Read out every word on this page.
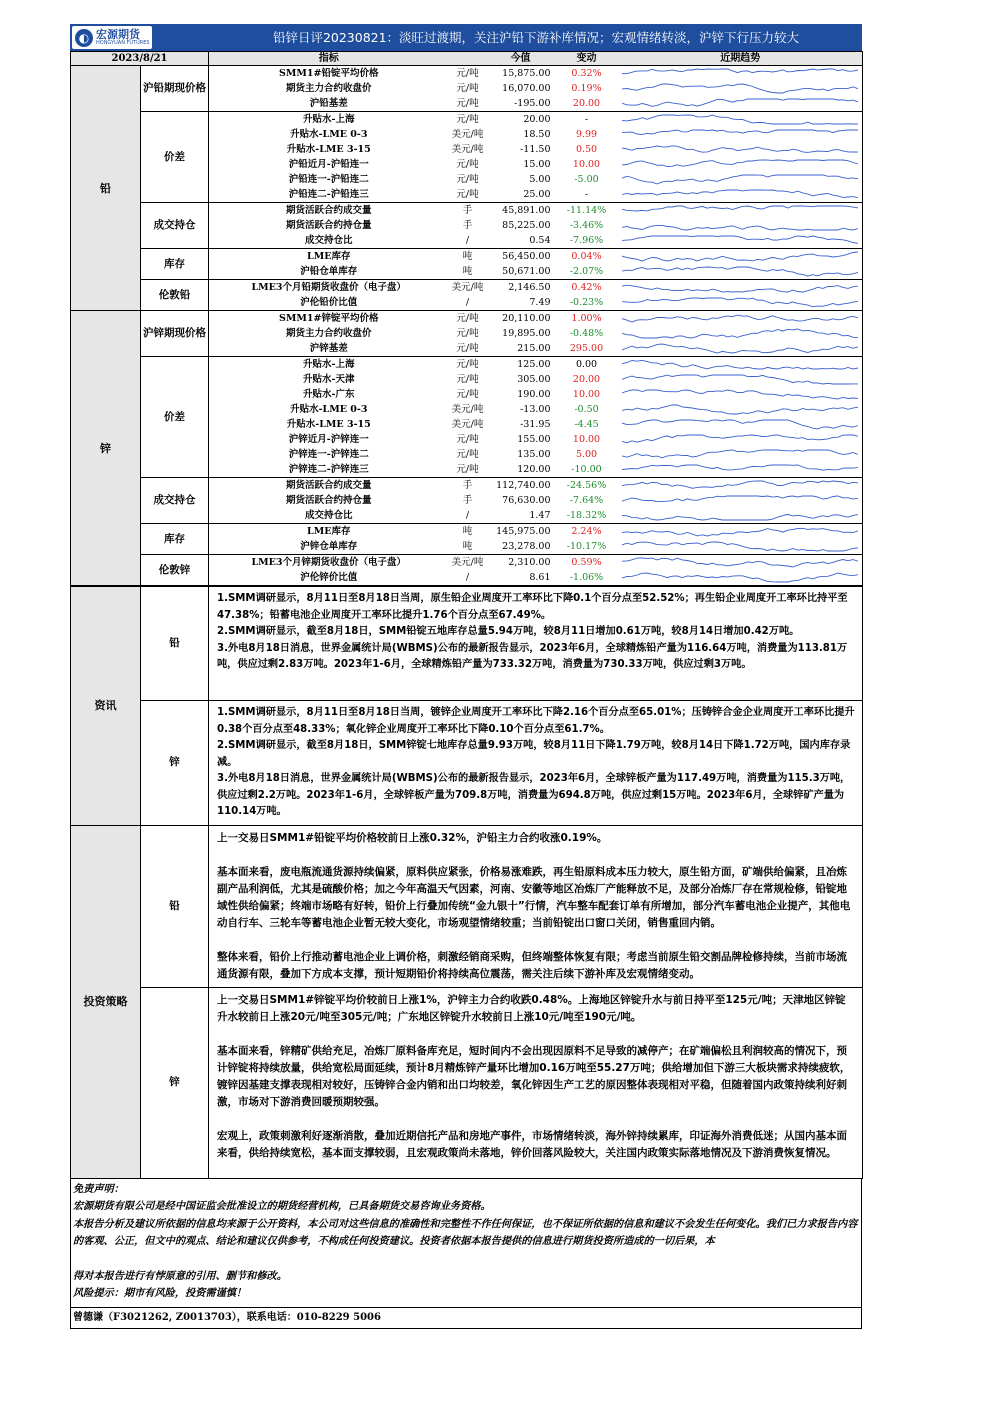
◐ 宏源期货
HONGYUAN FUTURES	铅锌日评20230821：淡旺过渡期，关注沪铅下游补库情况；宏观情绪转淡，沪锌下行压力较大
2023/8/21		指标		今值	变动	近期趋势
铅	沪铅期现价格	SMM1#铅锭平均价格	元/吨	15,875.00	0.32%	

		期货主力合约收盘价	元/吨	16,070.00	0.19%	

		沪铅基差	元/吨	-195.00	20.00	

	价差	升贴水-上海	元/吨	20.00	-	

		升贴水-LME 0-3	美元/吨	18.50	9.99	

		升贴水-LME 3-15	美元/吨	-11.50	0.50	

		沪铅近月-沪铅连一	元/吨	15.00	10.00	

		沪铅连一-沪铅连二	元/吨	5.00	-5.00	

		沪铅连二-沪铅连三	元/吨	25.00	-	

	成交持仓	期货活跃合约成交量	手	45,891.00	-11.14%	

		期货活跃合约持仓量	手	85,225.00	-3.46%	

		成交持仓比	/	0.54	-7.96%	

	库存	LME库存	吨	56,450.00	0.04%	

		沪铅仓单库存	吨	50,671.00	-2.07%	

	伦敦铅	LME3个月铅期货收盘价（电子盘）	美元/吨	2,146.50	0.42%	

		沪伦铅价比值	/	7.49	-0.23%	

锌	沪锌期现价格	SMM1#锌锭平均价格	元/吨	20,110.00	1.00%	

		期货主力合约收盘价	元/吨	19,895.00	-0.48%	

		沪锌基差	元/吨	215.00	295.00	

	价差	升贴水-上海	元/吨	125.00	0.00	

		升贴水-天津	元/吨	305.00	20.00	

		升贴水-广东	元/吨	190.00	10.00	

		升贴水-LME 0-3	美元/吨	-13.00	-0.50	

		升贴水-LME 3-15	美元/吨	-31.95	-4.45	

		沪锌近月-沪锌连一	元/吨	155.00	10.00	

		沪锌连一-沪锌连二	元/吨	135.00	5.00	

		沪锌连二-沪锌连三	元/吨	120.00	-10.00	

	成交持仓	期货活跃合约成交量	手	112,740.00	-24.56%	

		期货活跃合约持仓量	手	76,630.00	-7.64%	

		成交持仓比	/	1.47	-18.32%	

	库存	LME库存	吨	145,975.00	2.24%	

		沪锌仓单库存	吨	23,278.00	-10.17%	

	伦敦锌	LME3个月锌期货收盘价（电子盘）	美元/吨	2,310.00	0.59%	

		沪伦锌价比值	/	8.61	-1.06%	
资讯	铅	1.SMM调研显示，8月11日至8月18日当周，原生铅企业周度开工率环比下降0.1个百分点至52.52%；再生铅企业周度开工率环比持平至47.38%；铅蓄电池企业周度开工率环比提升1.76个百分点至67.49%。

2.SMM调研显示，截至8月18日，SMM铅锭五地库存总量5.94万吨，较8月11日增加0.61万吨，较8月14日增加0.42万吨。

3.外电8月18日消息，世界金属统计局(WBMS)公布的最新报告显示，2023年6月，全球精炼铅产量为116.64万吨，消费量为113.81万吨，供应过剩2.83万吨。2023年1-6月，全球精炼铅产量为733.32万吨，消费量为730.33万吨，供应过剩3万吨。

	锌	1.SMM调研显示，8月11日至8月18日当周，镀锌企业周度开工率环比下降2.16个百分点至65.01%；压铸锌合金企业周度开工率环比提升0.38个百分点至48.33%；氧化锌企业周度开工率环比下降0.10个百分点至61.7%。

2.SMM调研显示，截至8月18日，SMM锌锭七地库存总量9.93万吨，较8月11日下降1.79万吨，较8月14日下降1.72万吨，国内库存录减。

3.外电8月18日消息，世界金属统计局(WBMS)公布的最新报告显示，2023年6月，全球锌板产量为117.49万吨，消费量为115.3万吨，供应过剩2.2万吨。2023年1-6月，全球锌板产量为709.8万吨，消费量为694.8万吨，供应过剩15万吨。2023年6月，全球锌矿产量为110.14万吨。

投资策略	铅	上一交易日SMM1#铅锭平均价格较前日上涨0.32%，沪铅主力合约收涨0.19%。

基本面来看，废电瓶流通货源持续偏紧，原料供应紧张，价格易涨难跌，再生铅原料成本压力较大，原生铅方面，矿端供给偏紧，且冶炼副产品利润低，尤其是硫酸价格；加之今年高温天气因素，河南、安徽等地区冶炼厂产能释放不足，及部分冶炼厂存在常规检修，铅锭地域性供给偏紧；终端市场略有好转，铅价上行叠加传统“金九银十”行情，汽车整车配套订单有所增加，部分汽车蓄电池企业提产，其他电动自行车、三轮车等蓄电池企业暂无较大变化，市场观望情绪较重；当前铅锭出口窗口关闭，销售重回内销。

整体来看，铅价上行推动蓄电池企业上调价格，刺激经销商采购，但终端整体恢复有限；考虑当前原生铅交割品牌检修持续，当前市场流通货源有限，叠加下方成本支撑，预计短期铅价将持续高位震荡，需关注后续下游补库及宏观情绪变动。

	锌	上一交易日SMM1#锌锭平均价较前日上涨1%，沪锌主力合约收跌0.48%。上海地区锌锭升水与前日持平至125元/吨；天津地区锌锭升水较前日上涨20元/吨至305元/吨；广东地区锌锭升水较前日上涨10元/吨至190元/吨。

基本面来看，锌精矿供给充足，冶炼厂原料备库充足，短时间内不会出现因原料不足导致的减停产；在矿端偏松且利润较高的情况下，预计锌锭将持续放量，供给宽松局面延续，预计8月精炼锌产量环比增加0.16万吨至55.27万吨；供给增加但下游三大板块需求持续疲软，镀锌因基建支撑表现相对较好，压铸锌合金内销和出口均较差，氧化锌因生产工艺的原因整体表现相对平稳，但随着国内政策持续利好刺激，市场对下游消费回暖预期较强。

宏观上，政策刺激利好逐渐消散，叠加近期信托产品和房地产事件，市场情绪转淡，海外锌持续累库，印证海外消费低迷；从国内基本面来看，供给持续宽松，基本面支撑较弱，且宏观政策尚未落地，锌价回落风险较大，关注国内政策实际落地情况及下游消费恢复情况。

免责声明：

宏源期货有限公司是经中国证监会批准设立的期货经营机构，已具备期货交易咨询业务资格。

本报告分析及建议所依据的信息均来源于公开资料，本公司对这些信息的准确性和完整性不作任何保证，也不保证所依据的信息和建议不会发生任何变化。我们已力求报告内容的客观、公正，但文中的观点、结论和建议仅供参考，不构成任何投资建议。投资者依据本报告提供的信息进行期货投资所造成的一切后果，本

得对本报告进行有悖原意的引用、删节和修改。

风险提示：期市有风险，投资需谨慎！

曾德谦（F3021262, Z0013703），联系电话：010-8229 5006
